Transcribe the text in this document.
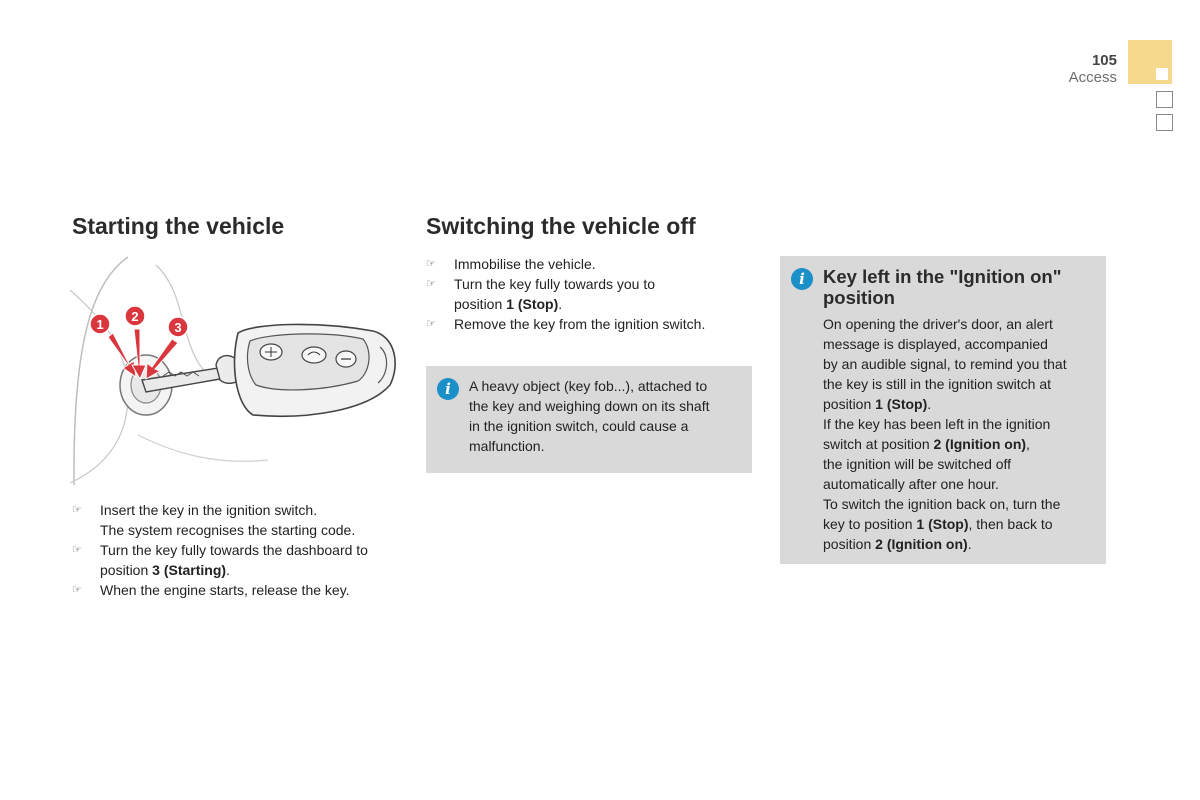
105
Access
Starting the vehicle
1
2
3
☞ Insert the key in the ignition switch.
The system recognises the starting code.
☞ Turn the key fully towards the dashboard to
position 3 (Starting).
☞ When the engine starts, release the key.
Switching the vehicle off
☞ Immobilise the vehicle.
☞ Turn the key fully towards you to
position 1 (Stop).
☞ Remove the key from the ignition switch.
i	A heavy object (key fob...), attached to
the key and weighing down on its shaft
in the ignition switch, could cause a
malfunction.
i Key left in the "Ignition on"
position
On opening the driver's door, an alert
message is displayed, accompanied
by an audible signal, to remind you that
the key is still in the ignition switch at
position 1 (Stop).
If the key has been left in the ignition
switch at position 2 (Ignition on),
the ignition will be switched off
automatically after one hour.
To switch the ignition back on, turn the
key to position 1 (Stop), then back to
position 2 (Ignition on).
